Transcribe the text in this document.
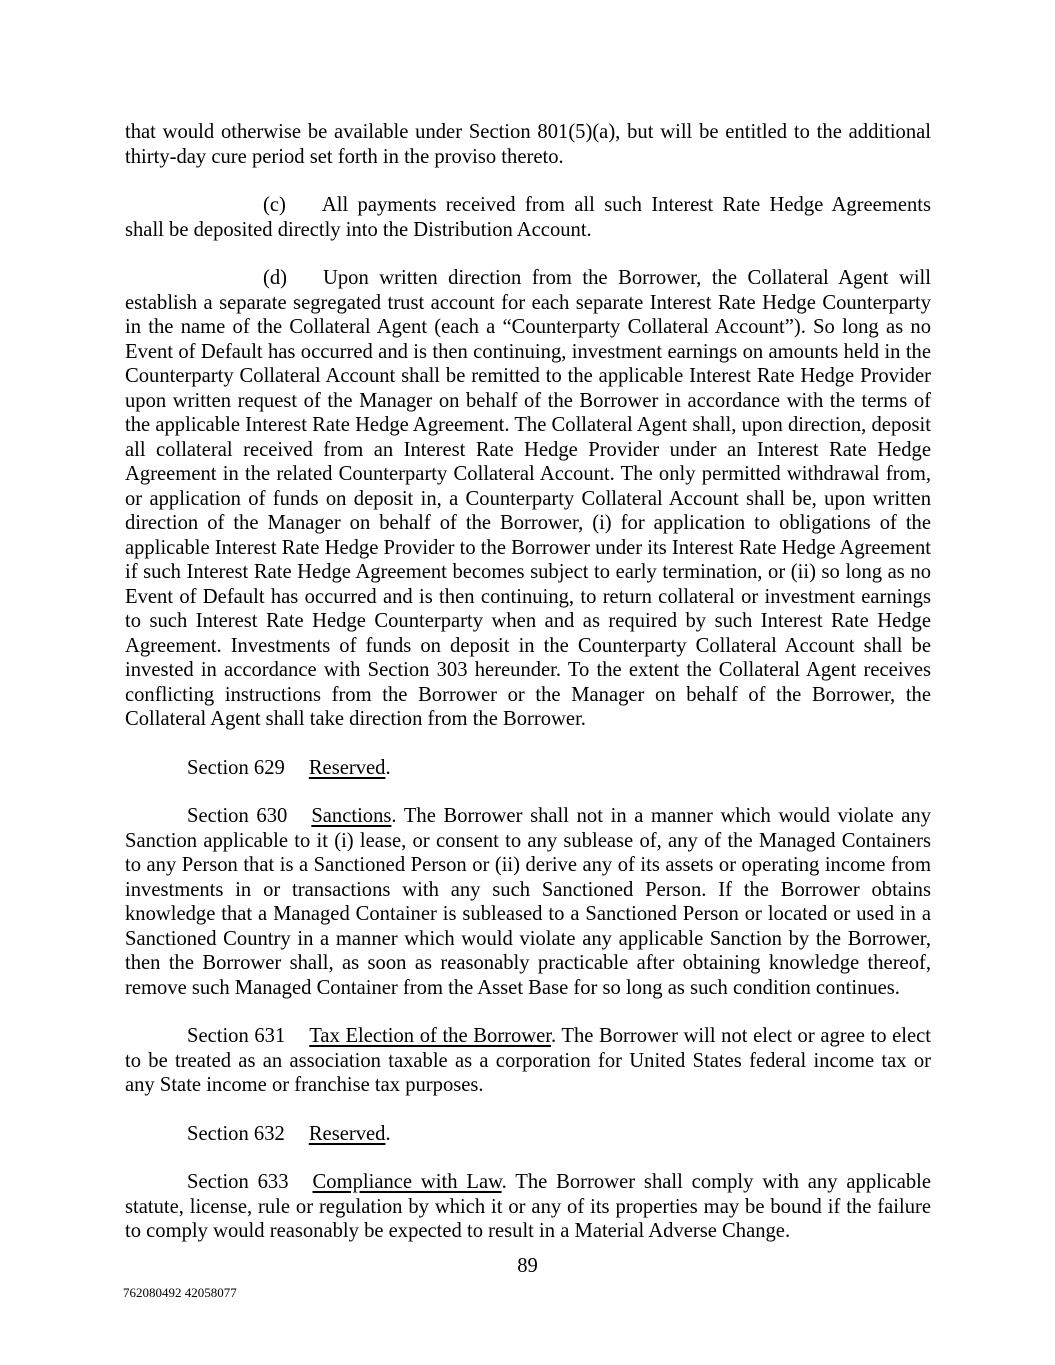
that would otherwise be available under Section 801(5)(a), but will be entitled to the additional thirty-day cure period set forth in the proviso thereto.

(c) All payments received from all such Interest Rate Hedge Agreements shall be deposited directly into the Distribution Account.

(d) Upon written direction from the Borrower, the Collateral Agent will establish a separate segregated trust account for each separate Interest Rate Hedge Counterparty in the name of the Collateral Agent (each a “Counterparty Collateral Account”). So long as no Event of Default has occurred and is then continuing, investment earnings on amounts held in the Counterparty Collateral Account shall be remitted to the applicable Interest Rate Hedge Provider upon written request of the Manager on behalf of the Borrower in accordance with the terms of the applicable Interest Rate Hedge Agreement. The Collateral Agent shall, upon direction, deposit all collateral received from an Interest Rate Hedge Provider under an Interest Rate Hedge Agreement in the related Counterparty Collateral Account. The only permitted withdrawal from, or application of funds on deposit in, a Counterparty Collateral Account shall be, upon written direction of the Manager on behalf of the Borrower, (i) for application to obligations of the applicable Interest Rate Hedge Provider to the Borrower under its Interest Rate Hedge Agreement if such Interest Rate Hedge Agreement becomes subject to early termination, or (ii) so long as no Event of Default has occurred and is then continuing, to return collateral or investment earnings to such Interest Rate Hedge Counterparty when and as required by such Interest Rate Hedge Agreement. Investments of funds on deposit in the Counterparty Collateral Account shall be invested in accordance with Section 303 hereunder. To the extent the Collateral Agent receives conflicting instructions from the Borrower or the Manager on behalf of the Borrower, the Collateral Agent shall take direction from the Borrower.

Section 629 Reserved.

Section 630 Sanctions. The Borrower shall not in a manner which would violate any Sanction applicable to it (i) lease, or consent to any sublease of, any of the Managed Containers to any Person that is a Sanctioned Person or (ii) derive any of its assets or operating income from investments in or transactions with any such Sanctioned Person. If the Borrower obtains knowledge that a Managed Container is subleased to a Sanctioned Person or located or used in a Sanctioned Country in a manner which would violate any applicable Sanction by the Borrower, then the Borrower shall, as soon as reasonably practicable after obtaining knowledge thereof, remove such Managed Container from the Asset Base for so long as such condition continues.

Section 631 Tax Election of the Borrower. The Borrower will not elect or agree to elect to be treated as an association taxable as a corporation for United States federal income tax or any State income or franchise tax purposes.

Section 632 Reserved.

Section 633 Compliance with Law. The Borrower shall comply with any applicable statute, license, rule or regulation by which it or any of its properties may be bound if the failure to comply would reasonably be expected to result in a Material Adverse Change.

89
762080492 42058077
